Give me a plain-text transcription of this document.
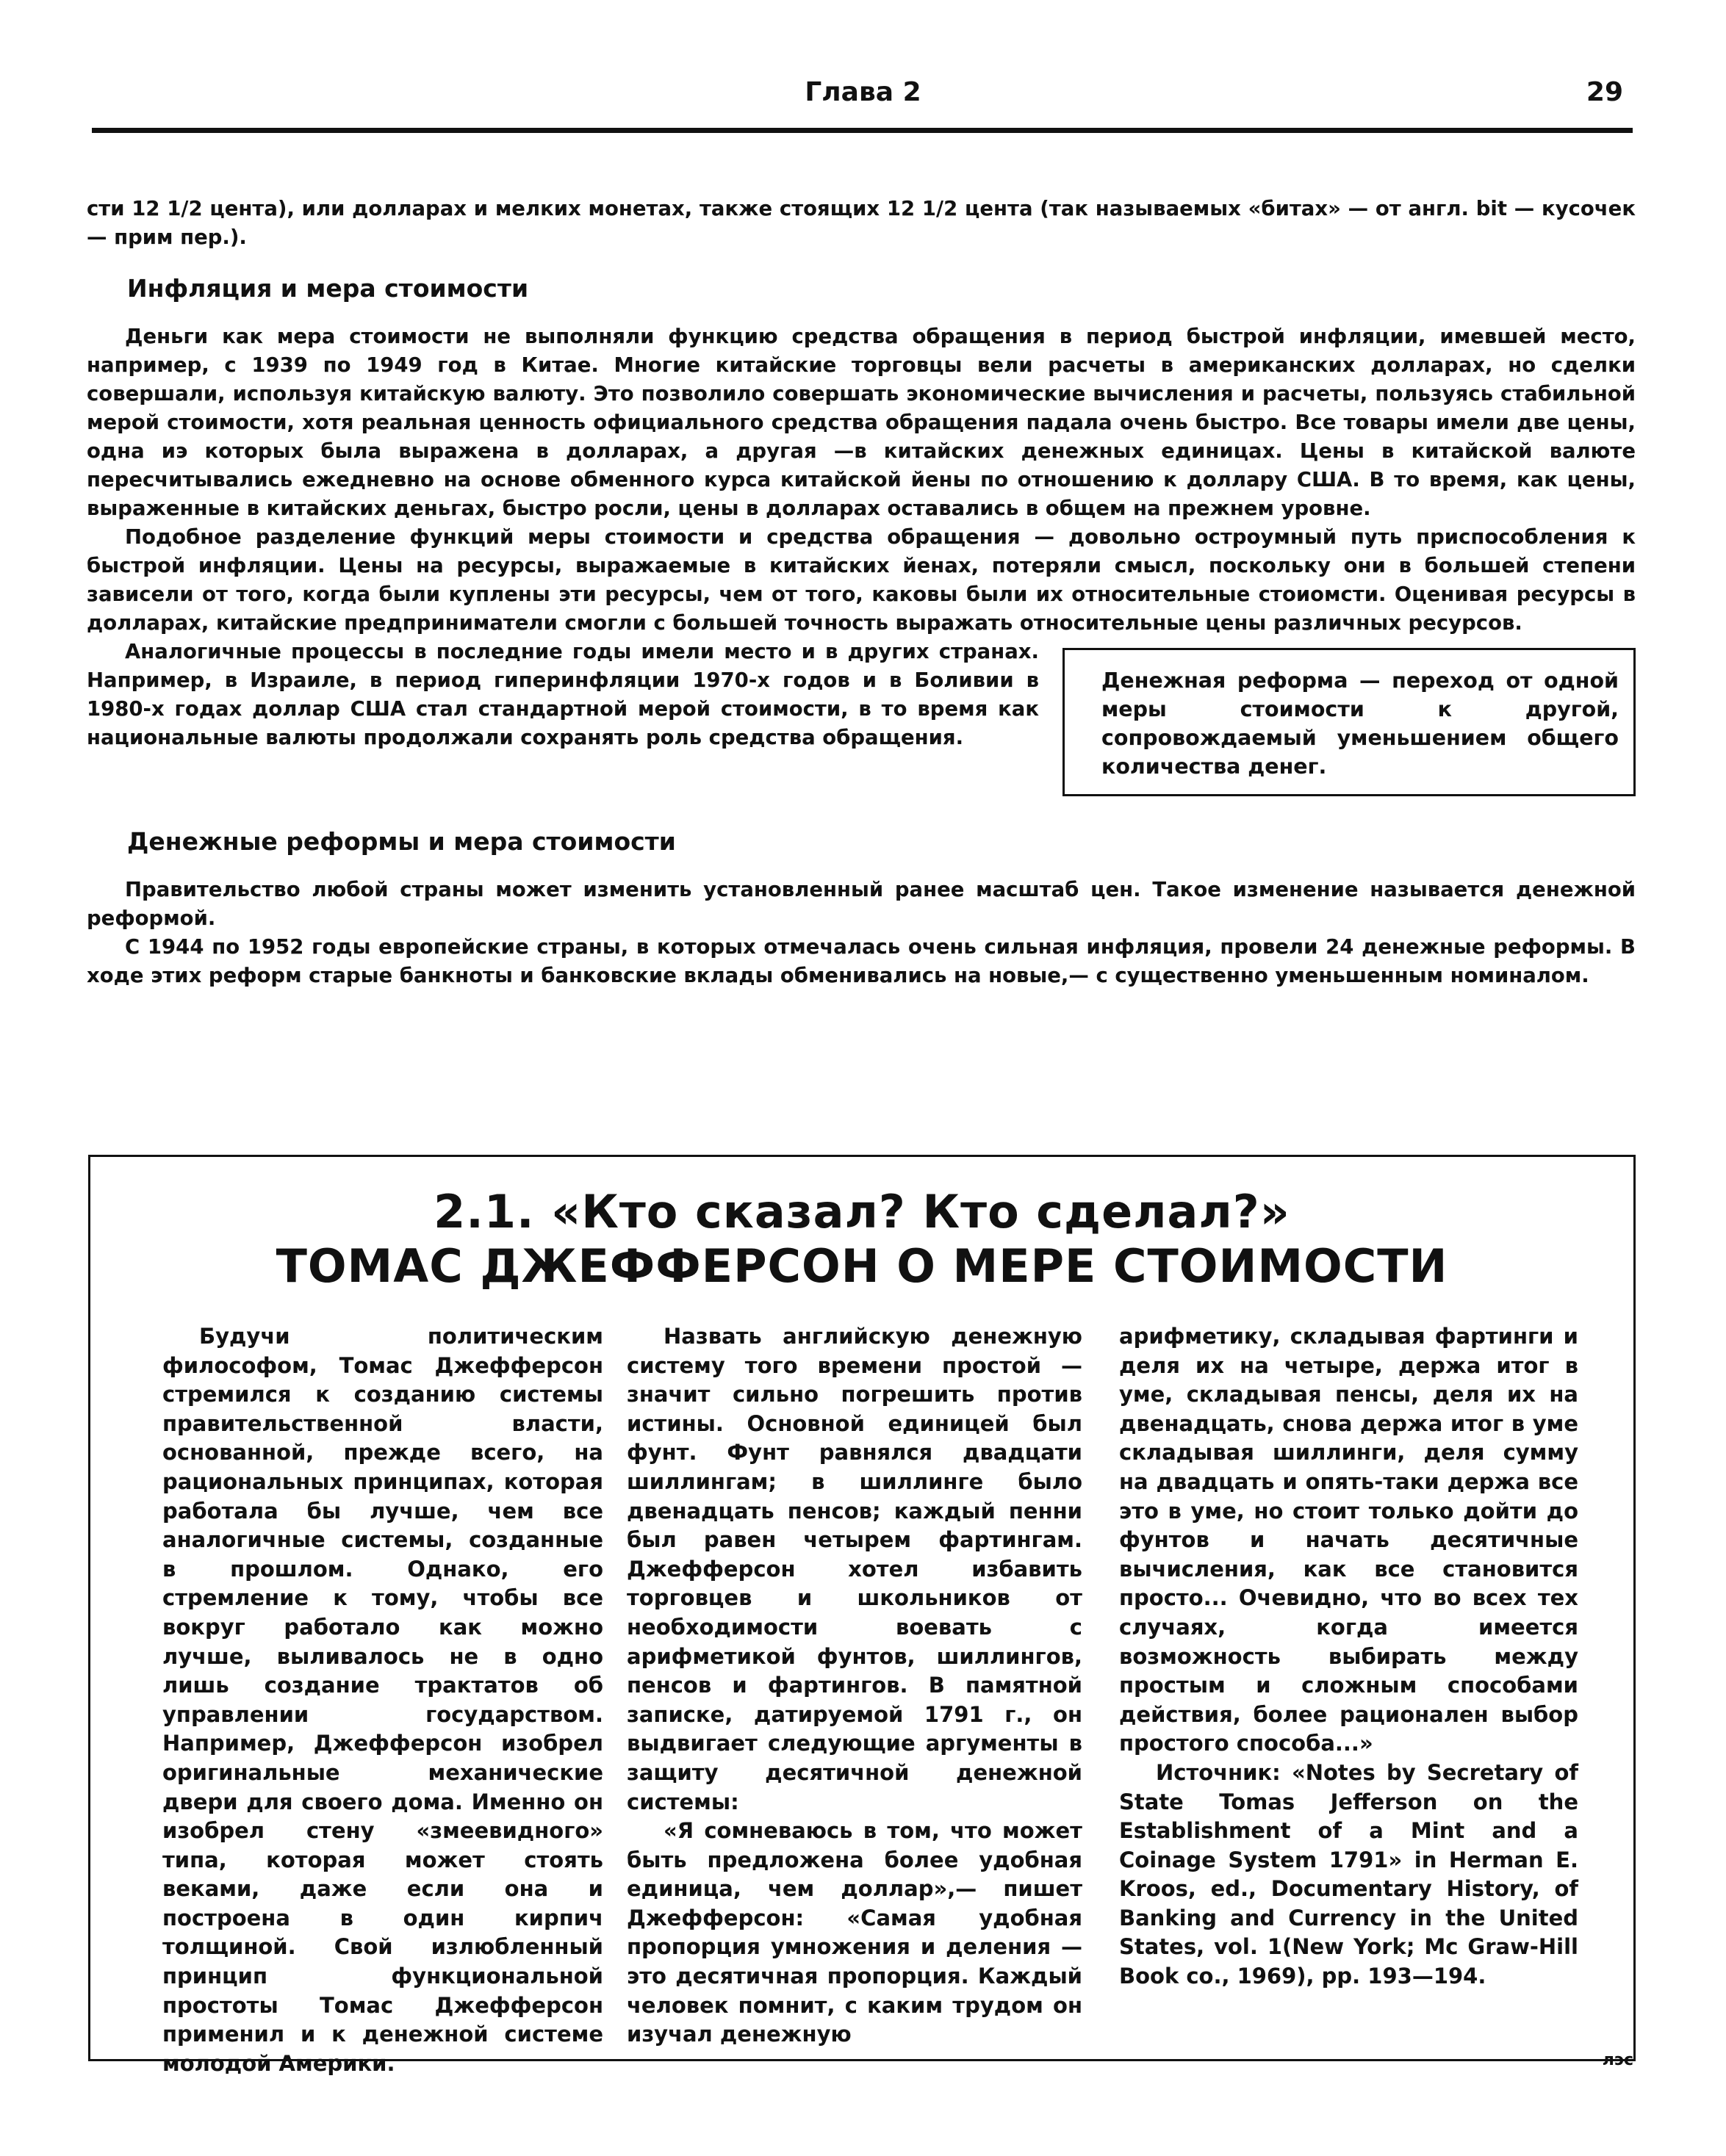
Глава 2	29

сти 12 1/2 цента), или долларах и мелких монетах, также стоящих 12 1/2 цента (так называемых «битах» — от англ. bit — кусочек — прим пер.).

Инфляция и мера стоимости

Деньги как мера стоимости не выполняли функцию средства обращения в период быстрой инфляции, имевшей место, например, с 1939 по 1949 год в Китае. Многие китайские торговцы вели расчеты в американских долларах, но сделки совершали, используя китайскую валюту. Это позволило совершать экономические вычисления и расчеты, пользуясь стабильной мерой стоимости, хотя реальная ценность официального средства обращения падала очень быстро. Все товары имели две цены, одна иэ которых была выражена в долларах, а другая —в китайских денежных единицах. Цены в китайской валюте пересчитывались ежедневно на основе обменного курса китайской йены по отношению к доллару США. В то время, как цены, выраженные в китайских деньгах, быстро росли, цены в долларах оставались в общем на прежнем уровне.

Подобное разделение функций меры стоимости и средства обращения — довольно остроумный путь приспособления к быстрой инфляции. Цены на ресурсы, выражаемые в китайских йенах, потеряли смысл, поскольку они в большей степени зависели от того, когда были куплены эти ресурсы, чем от того, каковы были их относительные стоиомсти. Оценивая ресурсы в долларах, китайские предприниматели смогли с большей точность выражать относительные цены различных ресурсов.

Денежная реформа — переход от одной меры стоимости к другой, сопровождаемый уменьшением общего количества денег.

Аналогичные процессы в последние годы имели место и в других странах. Например, в Израиле, в период гиперинфляции 1970-х годов и в Боливии в 1980-х годах доллар США стал стандартной мерой стоимости, в то время как национальные валюты продолжали сохранять роль средства обращения.

Денежные реформы и мера стоимости

Правительство любой страны может изменить установленный ранее масштаб цен. Такое изменение называется денежной реформой.

С 1944 по 1952 годы европейские страны, в которых отмечалась очень сильная инфляция, провели 24 денежные реформы. В ходе этих реформ старые банкноты и банковские вклады обменивались на новые,— с существенно уменьшенным номиналом.

2.1. «Кто сказал? Кто сделал?»
ТОМАС ДЖЕФФЕРСОН О МЕРЕ СТОИМОСТИ

Будучи политическим философом, Томас Джефферсон стремился к созданию системы правительственной власти, основанной, прежде всего, на рациональных принципах, которая работала бы лучше, чем все аналогичные системы, созданные в прошлом. Однако, его стремление к тому, чтобы все вокруг работало как можно лучше, выливалось не в одно лишь создание трактатов об управлении государством. Например, Джефферсон изобрел оригинальные механические двери для своего дома. Именно он изобрел стену «змеевидного» типа, которая может стоять веками, даже если она и построена в один кирпич толщиной. Свой излюбленный принцип функциональной простоты Томас Джефферсон применил и к денежной системе молодой Америки.

Назвать английскую денежную систему того времени простой — значит сильно погрешить против истины. Основной единицей был фунт. Фунт равнялся двадцати шиллингам; в шиллинге было двенадцать пенсов; каждый пенни был равен четырем фартингам. Джефферсон хотел избавить торговцев и школьников от необходимости воевать с арифметикой фунтов, шиллингов, пенсов и фартингов. В памятной записке, датируемой 1791 г., он выдвигает следующие аргументы в защиту десятичной денежной системы:

«Я сомневаюсь в том, что может быть предложена более удобная единица, чем доллар»,— пишет Джефферсон: «Самая удобная пропорция умножения и деления — это десятичная пропорция. Каждый человек помнит, с каким трудом он изучал денежную

арифметику, складывая фартинги и деля их на четыре, держа итог в уме, складывая пенсы, деля их на двенадцать, снова держа итог в уме складывая шиллинги, деля сумму на двадцать и опять-таки держа все это в уме, но стоит только дойти до фунтов и начать десятичные вычисления, как все становится просто... Очевидно, что во всех тех случаях, когда имеется возможность выбирать между простым и сложным способами действия, более рационален выбор простого способа...»

Источник: «Notes by Secretary of State Tomas Jefferson on the Establishment of a Mint and a Coinage System 1791» in Herman E. Kroos, ed., Documentary History, of Banking and Currency in the United States, vol. 1(New York; Mc Graw-Hill Book co., 1969), pp. 193—194.

лэс
